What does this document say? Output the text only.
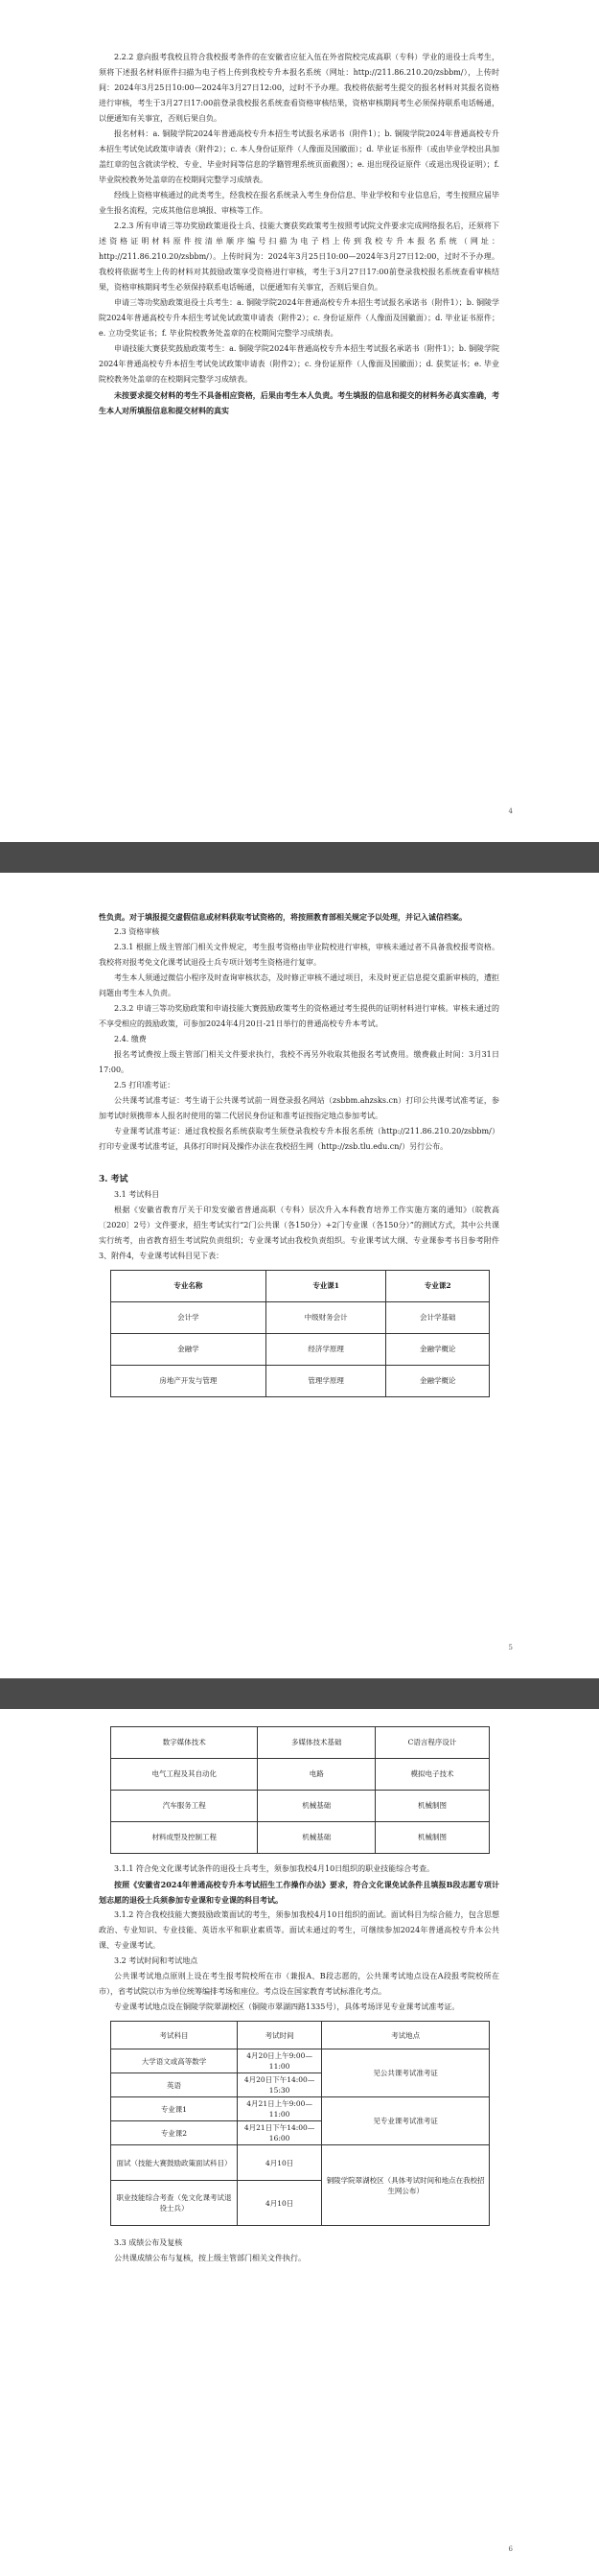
2.2.2 意向报考我校且符合我校报考条件的在安徽省应征入伍在外省院校完成高职（专科）学业的退役士兵考生，须将下述报名材料原件扫描为电子档上传到我校专升本报名系统（网址：http://211.86.210.20/zsbbm/），上传时间：2024年3月25日10:00—2024年3月27日12:00，过时不予办理。我校将依据考生提交的报名材料对其报名资格进行审核，考生于3月27日17:00前登录我校报名系统查看资格审核结果，资格审核期间考生必须保持联系电话畅通，以便通知有关事宜，否则后果自负。

报名材料：a. 铜陵学院2024年普通高校专升本招生考试报名承诺书（附件1）；b. 铜陵学院2024年普通高校专升本招生考试免试政策申请表（附件2）；c. 本人身份证原件（人像面及国徽面）；d. 毕业证书原件（或由毕业学校出具加盖红章的包含就读学校、专业、毕业时间等信息的学籍管理系统页面截图）；e. 退出现役证原件（或退出现役证明）；f. 毕业院校教务处盖章的在校期间完整学习成绩表。

经线上资格审核通过的此类考生，经我校在报名系统录入考生身份信息、毕业学校和专业信息后，考生按照应届毕业生报名流程，完成其他信息填报、审核等工作。

2.2.3 所有申请三等功奖励政策退役士兵、技能大赛获奖政策考生按照考试院文件要求完成网络报名后，还须将下述资格证明材料原件按清单顺序编号扫描为电子档上传到我校专升本报名系统（网址：http://211.86.210.20/zsbbm/）。上传时间为：2024年3月25日10:00—2024年3月27日12:00，过时不予办理。我校将依据考生上传的材料对其鼓励政策享受资格进行审核，考生于3月27日17:00前登录我校报名系统查看审核结果，资格审核期间考生必须保持联系电话畅通，以便通知有关事宜，否则后果自负。

申请三等功奖励政策退役士兵考生：a. 铜陵学院2024年普通高校专升本招生考试报名承诺书（附件1）；b. 铜陵学院2024年普通高校专升本招生考试免试政策申请表（附件2）；c. 身份证原件（人像面及国徽面）；d. 毕业证书原件；e. 立功受奖证书；f. 毕业院校教务处盖章的在校期间完整学习成绩表。

申请技能大赛获奖鼓励政策考生：a. 铜陵学院2024年普通高校专升本招生考试报名承诺书（附件1）；b. 铜陵学院2024年普通高校专升本招生考试免试政策申请表（附件2）；c. 身份证原件（人像面及国徽面）；d. 获奖证书；e. 毕业院校教务处盖章的在校期间完整学习成绩表。

未按要求提交材料的考生不具备相应资格，后果由考生本人负责。考生填报的信息和提交的材料务必真实准确，考生本人对所填报信息和提交材料的真实

4

性负责。对于填报提交虚假信息或材料获取考试资格的，将按照教育部相关规定予以处理，并记入诚信档案。

2.3 资格审核

2.3.1 根据上级主管部门相关文件规定，考生报考资格由毕业院校进行审核，审核未通过者不具备我校报考资格。我校将对报考免文化课考试退役士兵专项计划考生资格进行复审。

考生本人须通过微信小程序及时查询审核状态，及时修正审核不通过项目，未及时更正信息提交重新审核的，遭拒问题由考生本人负责。

2.3.2 申请三等功奖励政策和申请技能大赛鼓励政策考生的资格通过考生提供的证明材料进行审核。审核未通过的不享受相应的鼓励政策，可参加2024年4月20日-21日举行的普通高校专升本考试。

2.4. 缴费

报名考试费按上级主管部门相关文件要求执行，我校不再另外收取其他报名考试费用。缴费截止时间：3月31日17:00。

2.5 打印准考证：

公共课考试准考证：考生请于公共课考试前一周登录报名网站（zsbbm.ahzsks.cn）打印公共课考试准考证，参加考试时须携带本人报名时使用的第二代居民身份证和准考证按指定地点参加考试。

专业课考试准考证：通过我校报名系统获取考生须登录我校专升本报名系统（http://211.86.210.20/zsbbm/）打印专业课考试准考证，具体打印时间及操作办法在我校招生网（http://zsb.tlu.edu.cn/）另行公布。

3. 考试

3.1 考试科目

根据《安徽省教育厅关于印发安徽省普通高职（专科）层次升入本科教育培养工作实施方案的通知》（皖教高〔2020〕2号）文件要求，招生考试实行“2门公共课（各150分）+2门专业课（各150分）”的测试方式，其中公共课实行统考，由省教育招生考试院负责组织；专业课考试由我校负责组织。专业课考试大纲、专业课参考书目参考附件3、附件4，专业课考试科目见下表：

专业名称	专业课1	专业课2
会计学	中级财务会计	会计学基础
金融学	经济学原理	金融学概论
房地产开发与管理	管理学原理	金融学概论
5
数字媒体技术	多媒体技术基础	C语言程序设计
电气工程及其自动化	电路	模拟电子技术
汽车服务工程	机械基础	机械制图
材料成型及控制工程	机械基础	机械制图

3.1.1 符合免文化课考试条件的退役士兵考生，须参加我校4月10日组织的职业技能综合考查。

按照《安徽省2024年普通高校专升本考试招生工作操作办法》要求，符合文化课免试条件且填报B段志愿专项计划志愿的退役士兵须参加专业课和专业课的科目考试。

3.1.2 符合我校技能大赛鼓励政策面试的考生，须参加我校4月10日组织的面试。面试科目为综合能力，包含思想政治、专业知识、专业技能、英语水平和职业素质等。面试未通过的考生，可继续参加2024年普通高校专升本公共课、专业课考试。

3.2 考试时间和考试地点

公共课考试地点原则上设在考生报考院校所在市（兼报A、B段志愿的，公共课考试地点设在A段报考院校所在市），省考试院以市为单位统筹编排考场和座位。考点设在国家教育考试标准化考点。

专业课考试地点设在铜陵学院翠湖校区（铜陵市翠湖四路1335号），具体考场详见专业课考试准考证。

考试科目	考试时间	考试地点
大学语文或高等数学	4月20日上午9:00—11:00	见公共课考试准考证
英语	4月20日下午14:00—15:30	
专业课1	4月21日上午9:00—11:00	见专业课考试准考证
专业课2	4月21日下午14:00—16:00	
面试（技能大赛鼓励政策面试科目）	4月10日	铜陵学院翠湖校区（具体考试时间和地点在我校招生网公布）
职业技能综合考查（免文化课考试退役士兵）	4月10日	

3.3 成绩公布及复核

公共课成绩公布与复核，按上级主管部门相关文件执行。

6
